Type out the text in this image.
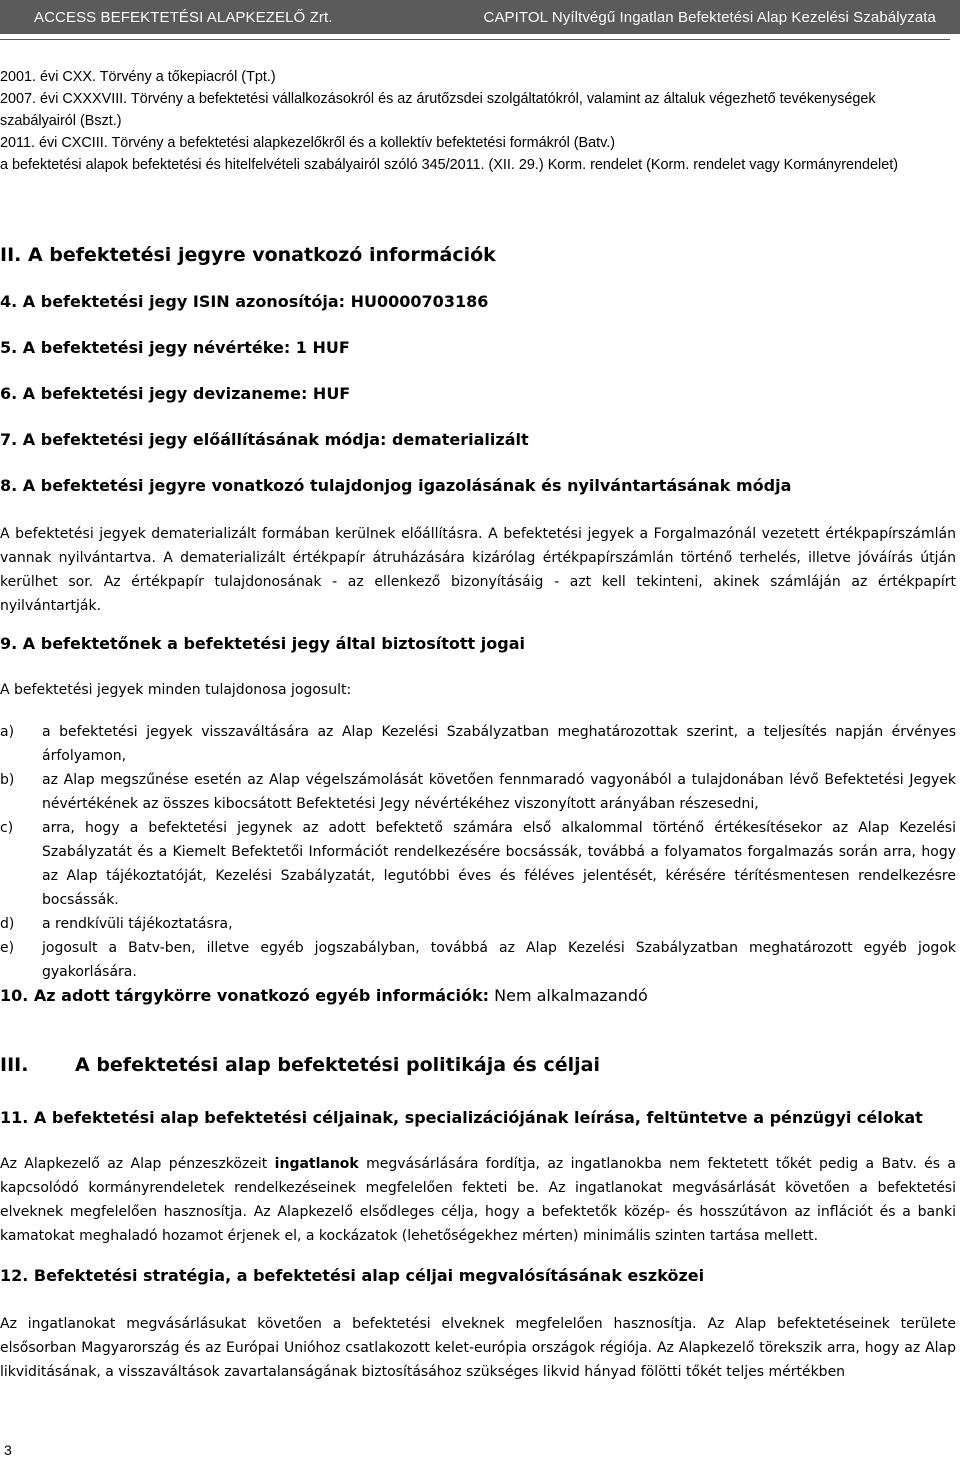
ACCESS BEFEKTETÉSI ALAPKEZELŐ Zrt.	CAPITOL Nyíltvégű Ingatlan Befektetési Alap Kezelési Szabályzata

2001. évi CXX. Törvény a tőkepiacról (Tpt.)

2007. évi CXXXVIII. Törvény a befektetési vállalkozásokról és az árutőzsdei szolgáltatókról, valamint az általuk végezhető tevékenységek szabályairól (Bszt.)

2011. évi CXCIII. Törvény a befektetési alapkezelőkről és a kollektív befektetési formákról (Batv.)

a befektetési alapok befektetési és hitelfelvételi szabályairól szóló 345/2011. (XII. 29.) Korm. rendelet (Korm. rendelet vagy Kormányrendelet)

II. A befektetési jegyre vonatkozó információk
4. A befektetési jegy ISIN azonosítója: HU0000703186
5. A befektetési jegy névértéke: 1 HUF
6. A befektetési jegy devizaneme: HUF
7. A befektetési jegy előállításának módja: dematerializált
8. A befektetési jegyre vonatkozó tulajdonjog igazolásának és nyilvántartásának módja

A befektetési jegyek dematerializált formában kerülnek előállításra. A befektetési jegyek a Forgalmazónál vezetett értékpapírszámlán vannak nyilvántartva. A dematerializált értékpapír átruházására kizárólag értékpapírszámlán történő terhelés, illetve jóváírás útján kerülhet sor. Az értékpapír tulajdonosának - az ellenkező bizonyításáig - azt kell tekinteni, akinek számláján az értékpapírt nyilvántartják.

9. A befektetőnek a befektetési jegy által biztosított jogai

A befektetési jegyek minden tulajdonosa jogosult:

a)	a befektetési jegyek visszaváltására az Alap Kezelési Szabályzatban meghatározottak szerint, a teljesítés napján érvényes árfolyamon,
b)	az Alap megszűnése esetén az Alap végelszámolását követően fennmaradó vagyonából a tulajdonában lévő Befektetési Jegyek névértékének az összes kibocsátott Befektetési Jegy névértékéhez viszonyított arányában részesedni,
c)	arra, hogy a befektetési jegynek az adott befektető számára első alkalommal történő értékesítésekor az Alap Kezelési Szabályzatát és a Kiemelt Befektetői Információt rendelkezésére bocsássák, továbbá a folyamatos forgalmazás során arra, hogy az Alap tájékoztatóját, Kezelési Szabályzatát, legutóbbi éves és féléves jelentését, kérésére térítésmentesen rendelkezésre bocsássák.
d)	a rendkívüli tájékoztatásra,
e)	jogosult a Batv-ben, illetve egyéb jogszabályban, továbbá az Alap Kezelési Szabályzatban meghatározott egyéb jogok gyakorlására.

10. Az adott tárgykörre vonatkozó egyéb információk: Nem alkalmazandó

III. A befektetési alap befektetési politikája és céljai
11. A befektetési alap befektetési céljainak, specializációjának leírása, feltüntetve a pénzügyi célokat

Az Alapkezelő az Alap pénzeszközeit ingatlanok megvásárlására fordítja, az ingatlanokba nem fektetett tőkét pedig a Batv. és a kapcsolódó kormányrendeletek rendelkezéseinek megfelelően fekteti be. Az ingatlanokat megvásárlását követően a befektetési elveknek megfelelően hasznosítja. Az Alapkezelő elsődleges célja, hogy a befektetők közép- és hosszútávon az inflációt és a banki kamatokat meghaladó hozamot érjenek el, a kockázatok (lehetőségekhez mérten) minimális szinten tartása mellett.

12. Befektetési stratégia, a befektetési alap céljai megvalósításának eszközei

Az ingatlanokat megvásárlásukat követően a befektetési elveknek megfelelően hasznosítja. Az Alap befektetéseinek területe elsősorban Magyarország és az Európai Unióhoz csatlakozott kelet-európia országok régiója. Az Alapkezelő törekszik arra, hogy az Alap likviditásának, a visszaváltások zavartalanságának biztosításához szükséges likvid hányad fölötti tőkét teljes mértékben

3
